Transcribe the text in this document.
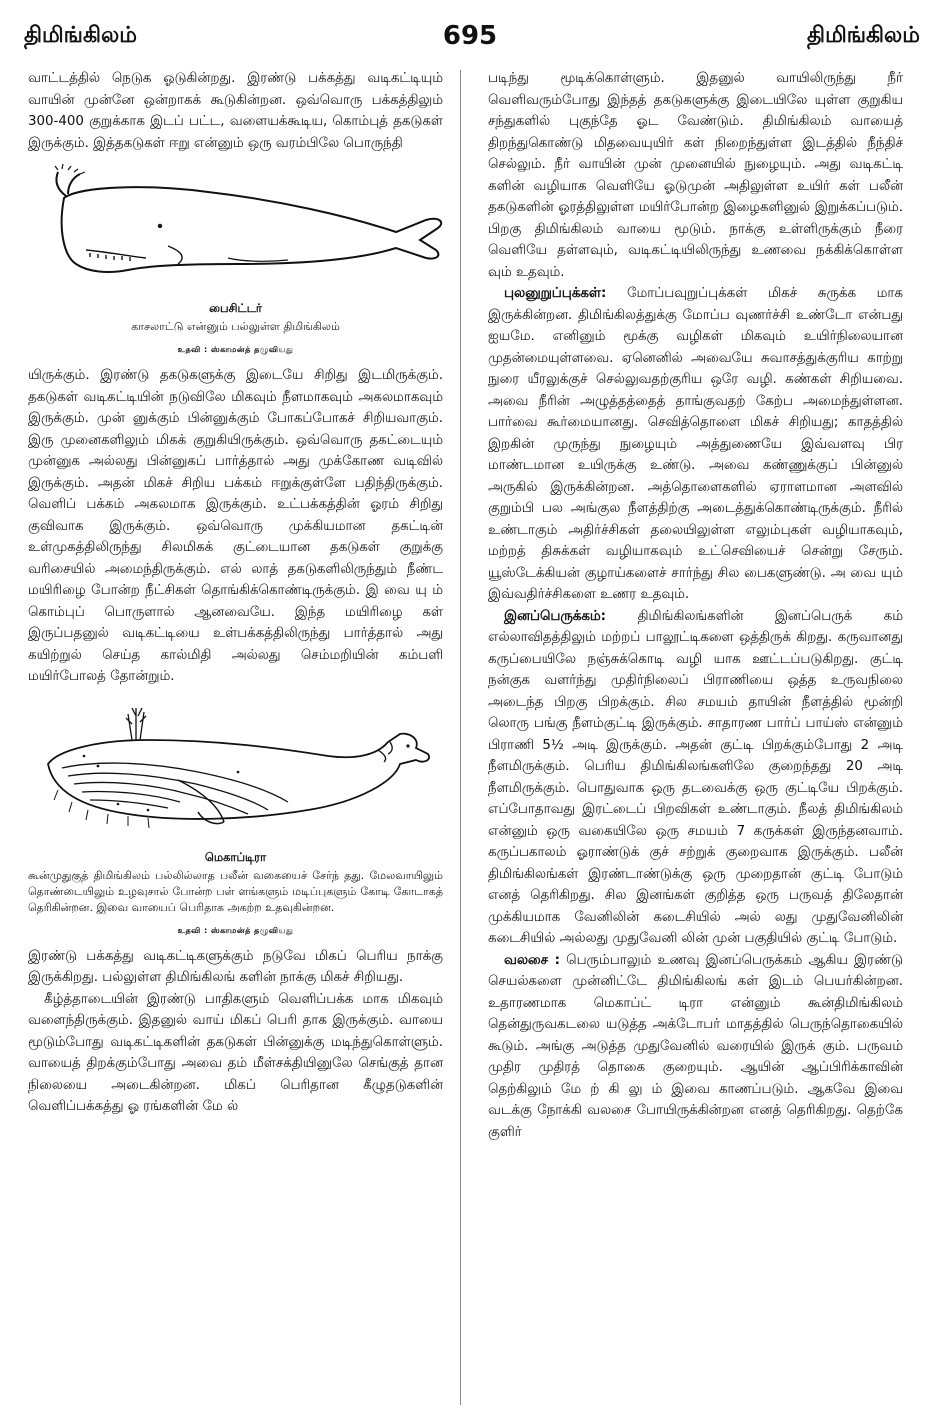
திமிங்கிலம்	695	திமிங்கிலம்

வாட்டத்தில் நெடுக ஓடுகின்றது. இரண்டு பக்கத்து வடிகட்டியும் வாயின் முன்னே ஒன்றாகக் கூடுகின்றன. ஒவ்வொரு பக்கத்திலும் 300-400 குறுக்காக இடப் பட்ட, வளையக்கூடிய, கொம்புத் தகடுகள் இருக்கும். இத்தகடுகள் ஈறு என்னும் ஒரு வரம்பிலே பொருந்தி

பைசிட்டர்
காசலாட்டு என்னும் பல்லுள்ள திமிங்கிலம்
உதவி : ஸ்காமன்த் தழுவியது

யிருக்கும். இரண்டு தகடுகளுக்கு இடையே சிறிது இடமிருக்கும். தகடுகள் வடிகட்டியின் நடுவிலே மிகவும் நீளமாகவும் அகலமாகவும் இருக்கும். முன் னுக்கும் பின்னுக்கும் போகப்போகச் சிறியவாகும். இரு முனைகளிலும் மிகக் குறுகியிருக்கும். ஒவ்வொரு தகட்டையும் முன்னுக அல்லது பின்னுகப் பார்த்தால் அது முக்கோண வடிவில் இருக்கும். அதன் மிகச் சிறிய பக்கம் ஈறுக்குள்ளே பதிந்திருக்கும். வெளிப் பக்கம் அகலமாக இருக்கும். உட்பக்கத்தின் ஓரம் சிறிது குவிவாக இருக்கும். ஒவ்வொரு முக்கியமான தகட்டின் உள்முகத்திலிருந்து சிலமிகக் குட்டையான தகடுகள் குறுக்கு வரிசையில் அமைந்திருக்கும். எல் லாத் தகடுகளிலிருந்தும் நீண்ட மயிரிழை போன்ற நீட்சிகள் தொங்கிக்கொண்டிருக்கும். இ வை யு ம் கொம்புப் பொருளால் ஆனவையே. இந்த மயிரிழை கள் இருப்பதனுல் வடிகட்டியை உள்பக்கத்திலிருந்து பார்த்தால் அது கயிற்றுல் செய்த கால்மிதி அல்லது செம்மறியின் கம்பளி மயிர்போலத் தோன்றும்.

மெகாப்டிரா
கூன்முதுகுத் திமிங்கிலம் பல்லில்லாத பலீன் வகையைச் சேர்ந் தது. மேலவாயிலும் தொண்டையிலும் உழவுசால் போன்ற பள் ளங்களும் மடிப்புகளும் கோடி கோடாகத் தெரிகின்றன. இவை வாயைப் பெரிதாக அகற்ற உதவுகின்றன.
உதவி : ஸ்காமன்த் தழுவியது

இரண்டு பக்கத்து வடிகட்டிகளுக்கும் நடுவே மிகப் பெரிய நாக்கு இருக்கிறது. பல்லுள்ள திமிங்கிலங் களின் நாக்கு மிகச் சிறியது.

கீழ்த்தாடையின் இரண்டு பாதிகளும் வெளிப்பக்க மாக மிகவும் வளைந்திருக்கும். இதனுல் வாய் மிகப் பெரி தாக இருக்கும். வாயை மூடும்போது வடிகட்டிகளின் தகடுகள் பின்னுக்கு மடிந்துகொள்ளும். வாயைத் திறக்கும்போது அவை தம் மீள்சக்தியினுலே செங்குத் தான நிலையை அடைகின்றன. மிகப் பெரிதான கீழுதடுகளின் வெளிப்பக்கத்து ஓ ரங்களின் மே ல்

படிந்து மூடிக்கொள்ளும். இதனுல் வாயிலிருந்து நீர் வெளிவரும்போது இந்தத் தகடுகளுக்கு இடையிலே யுள்ள குறுகிய சந்துகளில் புகுந்தே ஓட வேண்டும். திமிங்கிலம் வாயைத் திறந்துகொண்டு மிதவையுயிர் கள் நிறைந்துள்ள இடத்தில் நீந்திச் செல்லும். நீர் வாயின் முன் முனையில் நுழையும். அது வடிகட்டி களின் வழியாக வெளியே ஓடுமுன் அதிலுள்ள உயிர் கள் பலீன் தகடுகளின் ஓரத்திலுள்ள மயிர்போன்ற இழைகளினுல் இறுக்கப்படும். பிறகு திமிங்கிலம் வாயை மூடும். நாக்கு உள்ளிருக்கும் நீரை வெளியே தள்ளவும், வடிகட்டியிலிருந்து உணவை நக்கிக்கொள்ள வும் உதவும்.

புலனுறுப்புக்கள்: மோப்பவுறுப்புக்கள் மிகச் சுருக்க மாக இருக்கின்றன. திமிங்கிலத்துக்கு மோப்ப வுணர்ச்சி உண்டோ என்பது ஐயமே. எனினும் மூக்கு வழிகள் மிகவும் உயிர்நிலையான முதன்மையுள்ளவை. ஏனெனில் அவையே சுவாசத்துக்குரிய காற்று நுரை யீரலுக்குச் செல்லுவதற்குரிய ஒரே வழி. கண்கள் சிறியவை. அவை நீரின் அழுத்தத்தைத் தாங்குவதற் கேற்ப அமைந்துள்ளன. பார்வை கூர்மையானது. செவித்தொளை மிகச் சிறியது; காதத்தில் இறகின் முருந்து நுழையும் அத்துணையே இவ்வளவு பிர மாண்டமான உயிருக்கு உண்டு. அவை கண்ணுக்குப் பின்னுல் அருகில் இருக்கின்றன. அத்தொளைகளில் ஏராளமான அளவில் குறும்பி பல அங்குல நீளத்திற்கு அடைத்துக்கொண்டிருக்கும். நீரில் உண்டாகும் அதிர்ச்சிகள் தலையிலுள்ள எலும்புகள் வழியாகவும், மற்றத் திசுக்கள் வழியாகவும் உட்செவியைச் சென்று சேரும். யூஸ்டேக்கியன் குழாய்களைச் சார்ந்து சில பைகளுண்டு. அ வை யும் இவ்வதிர்ச்சிகளை உணர உதவும்.

இனப்பெருக்கம்: திமிங்கிலங்களின் இனப்பெருக் கம் எல்லாவிதத்திலும் மற்றப் பாலூட்டிகளை ஒத்திருக் கிறது. கருவானது கருப்பையிலே நஞ்சுக்கொடி வழி யாக ஊட்டப்படுகிறது. குட்டி நன்குக வளர்ந்து முதிர்நிலைப் பிராணியை ஒத்த உருவநிலை அடைந்த பிறகு பிறக்கும். சில சமயம் தாயின் நீளத்தில் மூன்றி லொரு பங்கு நீளம்குட்டி இருக்கும். சாதாரண பார்ப் பாய்ஸ் என்னும் பிராணி 5½ அடி இருக்கும். அதன் குட்டி பிறக்கும்போது 2 அடி நீளமிருக்கும். பெரிய திமிங்கிலங்களிலே குறைந்தது 20 அடி நீளமிருக்கும். பொதுவாக ஒரு தடவைக்கு ஒரு குட்டியே பிறக்கும். எப்போதாவது இரட்டைப் பிறவிகள் உண்டாகும். நீலத் திமிங்கிலம் என்னும் ஒரு வகையிலே ஒரு சமயம் 7 கருக்கள் இருந்தனவாம். கருப்பகாலம் ஓராண்டுக் குச் சற்றுக் குறைவாக இருக்கும். பலீன் திமிங்கிலங்கள் இரண்டாண்டுக்கு ஒரு முறைதான் குட்டி போடும் எனத் தெரிகிறது. சில இனங்கள் குறித்த ஒரு பருவத் திலேதான் முக்கியமாக வேனிலின் கடைசியில் அல் லது முதுவேனிலின் கடைசியில் அல்லது முதுவேனி லின் முன் பகுதியில் குட்டி போடும்.

வலசை : பெரும்பாலும் உணவு இனப்பெருக்கம் ஆகிய இரண்டு செயல்களை முன்னிட்டே திமிங்கிலங் கள் இடம் பெயர்கின்றன. உதாரணமாக மெகாப்ட் டிரா என்னும் கூன்திமிங்கிலம் தென்துருவகடலை யடுத்த அக்டோபர் மாதத்தில் பெருந்தொகையில் கூடும். அங்கு அடுத்த முதுவேனில் வரையில் இருக் கும். பருவம் முதிர முதிரத் தொகை குறையும். ஆயின் ஆப்பிரிக்காவின் தெற்கிலும் மே ற் கி லு ம் இவை காணப்படும். ஆகவே இவை வடக்கு நோக்கி வலசை போயிருக்கின்றன எனத் தெரிகிறது. தெற்கே குளிர்
